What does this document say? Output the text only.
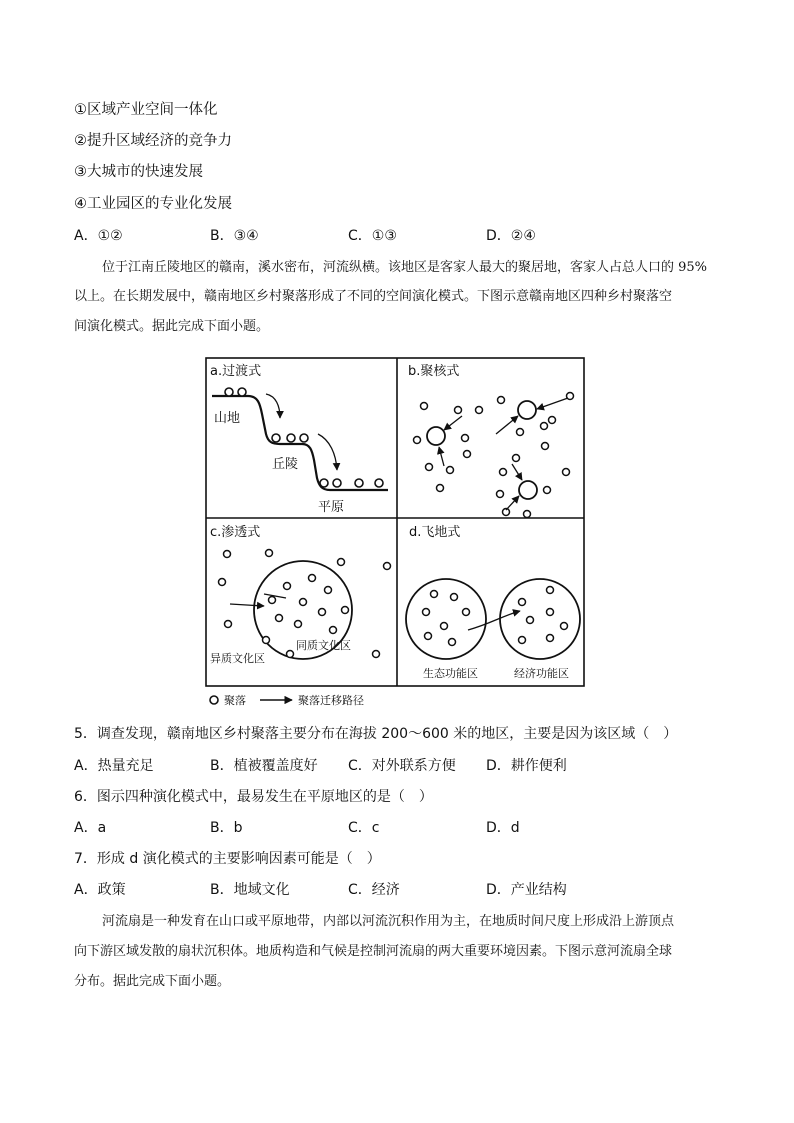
①区域产业空间一体化
②提升区域经济的竞争力
③大城市的快速发展
④工业园区的专业化发展
A．①②	B．③④	C．①③	D．②④
位于江南丘陵地区的赣南，溪水密布，河流纵横。该地区是客家人最大的聚居地，客家人占总人口的 95%
以上。在长期发展中，赣南地区乡村聚落形成了不同的空间演化模式。下图示意赣南地区四种乡村聚落空
间演化模式。据此完成下面小题。
a.过渡式
山地
丘陵
平原
b.聚核式
c.渗透式
异质文化区
同质文化区
d.飞地式
生态功能区	经济功能区
聚落	聚落迁移路径
5．调查发现，赣南地区乡村聚落主要分布在海拔 200～600 米的地区，主要是因为该区域（　）
A．热量充足	B．植被覆盖度好 C．对外联系方便 D．耕作便利
6．图示四种演化模式中，最易发生在平原地区的是（　）
A．a	B．b	C．c	D．d
7．形成 d 演化模式的主要影响因素可能是（　）
A．政策	B．地域文化	C．经济	D．产业结构
河流扇是一种发育在山口或平原地带，内部以河流沉积作用为主，在地质时间尺度上形成沿上游顶点
向下游区域发散的扇状沉积体。地质构造和气候是控制河流扇的两大重要环境因素。下图示意河流扇全球
分布。据此完成下面小题。
